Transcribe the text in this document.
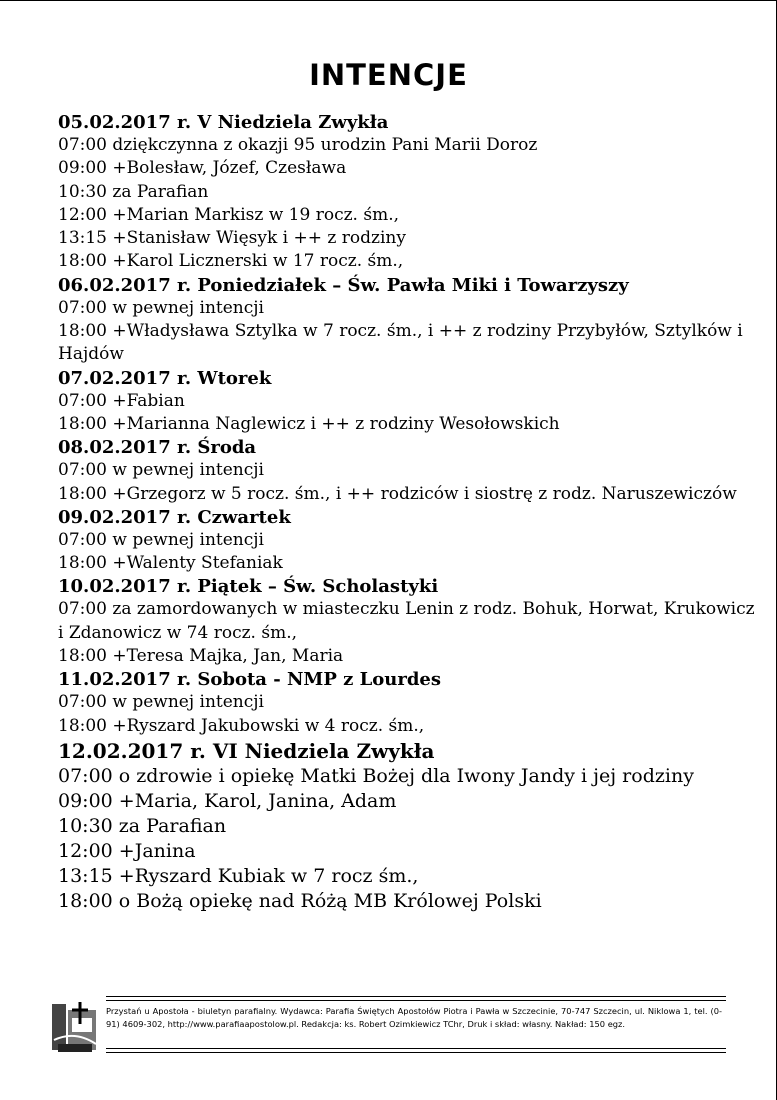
INTENCJE
05.02.2017 r. V Niedziela Zwykła
07:00 dziękczynna z okazji 95 urodzin Pani Marii Doroz
09:00 +Bolesław, Józef, Czesława
10:30 za Parafian
12:00 +Marian Markisz w 19 rocz. śm.,
13:15 +Stanisław Więsyk i ++ z rodziny
18:00 +Karol Licznerski w 17 rocz. śm.,
06.02.2017 r. Poniedziałek – Św. Pawła Miki i Towarzyszy
07:00 w pewnej intencji
18:00 +Władysława Sztylka w 7 rocz. śm., i ++ z rodziny Przybyłów, Sztylków i Hajdów
07.02.2017 r. Wtorek
07:00 +Fabian
18:00 +Marianna Naglewicz i ++ z rodziny Wesołowskich
08.02.2017 r. Środa
07:00 w pewnej intencji
18:00 +Grzegorz w 5 rocz. śm., i ++ rodziców i siostrę z rodz. Naruszewiczów
09.02.2017 r. Czwartek
07:00 w pewnej intencji
18:00 +Walenty Stefaniak
10.02.2017 r. Piątek – Św. Scholastyki
07:00 za zamordowanych w miasteczku Lenin z rodz. Bohuk, Horwat, Krukowicz i Zdanowicz w 74 rocz. śm.,
18:00 +Teresa Majka, Jan, Maria
11.02.2017 r. Sobota - NMP z Lourdes
07:00 w pewnej intencji
18:00 +Ryszard Jakubowski w 4 rocz. śm.,
12.02.2017 r. VI Niedziela Zwykła
07:00 o zdrowie i opiekę Matki Bożej dla Iwony Jandy i jej rodziny
09:00 +Maria, Karol, Janina, Adam
10:30 za Parafian
12:00 +Janina
13:15 +Ryszard Kubiak w 7 rocz śm.,
18:00 o Bożą opiekę nad Różą MB Królowej Polski
Przystań u Apostoła - biuletyn parafialny. Wydawca: Parafia Świętych Apostołów Piotra i Pawła w Szczecinie, 70-747 Szczecin, ul. Niklowa 1, tel. (0-91) 4609-302, http://www.parafiaapostolow.pl. Redakcja: ks. Robert Ozimkiewicz TChr, Druk i skład: własny. Nakład: 150 egz.
